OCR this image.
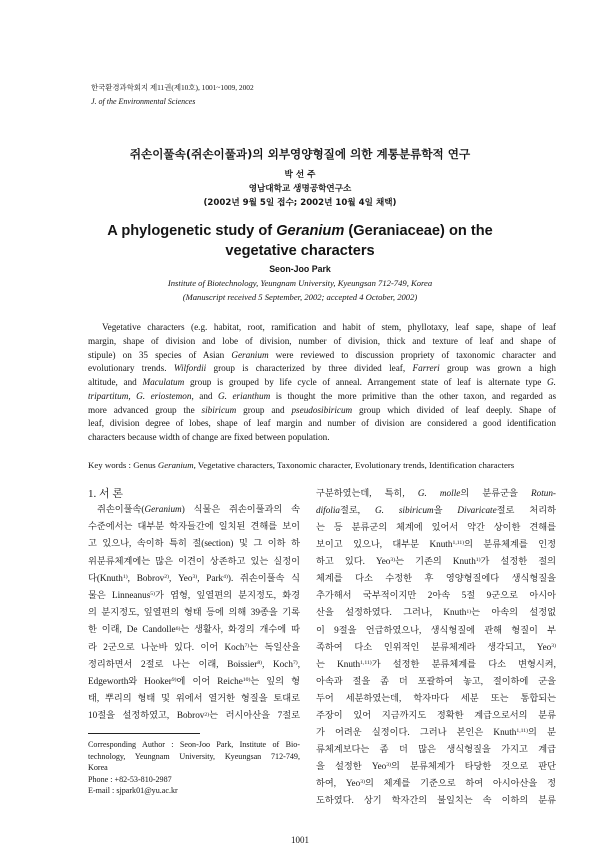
한국환경과학회지 제11권(제10호), 1001~1009, 2002
J. of the Environmental Sciences
쥐손이풀속(쥐손이풀과)의 외부영양형질에 의한 계통분류학적 연구
박 선 주
영남대학교 생명공학연구소
(2002년 9월 5일 접수; 2002년 10월 4일 채택)
A phylogenetic study of Geranium (Geraniaceae) on the
vegetative characters
Seon-Joo Park
Institute of Biotechnology, Yeungnam University, Kyeungsan 712-749, Korea
(Manuscript received 5 September, 2002; accepted 4 October, 2002)
Vegetative characters (e.g. habitat, root, ramification and habit of stem, phyllotaxy, leaf sape, shape of leaf
margin, shape of division and lobe of division, number of division, thick and texture of leaf and shape of
stipule) on 35 species of Asian Geranium were reviewed to discussion propriety of taxonomic character and
evolutionary trends. Wilfordii group is characterized by three divided leaf, Farreri group was grown a high
altitude, and Maculatum group is grouped by life cycle of anneal. Arrangement state of leaf is alternate type G.
tripartitum, G. eriostemon, and G. erianthum is thought the more primitive than the other taxon, and regarded as
more advanced group the sibiricum group and pseudosibiricum group which divided of leaf deeply. Shape of
leaf, division degree of lobes, shape of leaf margin and number of division are considered a good identification
characters because width of change are fixed between population.
Key words : Genus Geranium, Vegetative characters, Taxonomic character, Evolutionary trends, Identification characters
1. 서 론
쥐손이풀속(Geranium) 식물은 쥐손이풀과의 속
수준에서는 대부분 학자들간에 일치된 견해를 보이
고 있으나, 속이하 특히 절(section) 및 그 이하 하
위분류체계에는 많은 이견이 상존하고 있는 실정이
다(Knuth$^{1)}$, Bobrov$^{2)}$, Yeo$^{3)}$, Park$^{4)}$). 쥐손이풀속 식
물은 Linneanus$^{5)}$가 엽형, 잎열편의 분지정도, 화경
의 분지정도, 잎열편의 형태 등에 의해 39종을 기록
한 이래, De Candolle$^{6)}$는 생활사, 화경의 개수에 따
라 2군으로 나눈바 있다. 이어 Koch$^{7)}$는 독일산을
정리하면서 2절로 나는 이래, Boissier$^{8)}$, Koch$^{7)}$,
Edgeworth와 Hooker$^{9)}$에 이어 Reiche$^{10)}$는 잎의 형
태, 뿌리의 형태 및 위에서 열거한 형질을 토대로
10절을 설정하였고, Bobrov$^{2)}$는 러시아산을 7절로
Corresponding Author : Seon-Joo Park, Institute of Bio-
technology, Yeungnam University, Kyeungsan 712-749,
Korea
Phone : +82-53-810-2987
E-mail : sjpark01@yu.ac.kr
구분하였는데, 특히, G. molle의 분류군을 Rotun-
difolia절로, G. sibiricum을 Divaricate절로 처리하
는 등 분류군의 체계에 있어서 약간 상이한 견해를
보이고 있으나, 대부분 Knuth$^{1,11)}$의 분류체계를 인정
하고 있다. Yeo$^{3)}$는 기존의 Knuth$^{1)}$가 설정한 절의
체계를 다소 수정한 후 영양형질에다 생식형질을
추가해서 국부적이지만 2아속 5절 9군으로 아시아
산을 설정하였다. 그러나, Knuth$^{1)}$는 아속의 설정없
이 9절을 언급하였으나, 생식형질에 관해 형질이 부
족하여 다소 인위적인 분류체계라 생각되고, Yeo$^{3)}$
는 Knuth$^{1,11)}$가 설정한 분류체계를 다소 변형시켜,
아속과 절을 좀 더 포괄하여 놓고, 절이하에 군을
두어 세분하였는데, 학자마다 세분 또는 통합되는
주장이 있어 지금까지도 정확한 계급으로서의 분류
가 어려운 실정이다. 그러나 본인은 Knuth$^{1,11)}$의 분
류체계보다는 좀 더 많은 생식형질을 가지고 계급
을 설정한 Yeo$^{3)}$의 분류체계가 타당한 것으로 판단
하여, Yeo$^{3)}$의 체계를 기준으로 하여 아시아산을 정
도하였다. 상기 학자간의 불일치는 속 이하의 분류
1001
